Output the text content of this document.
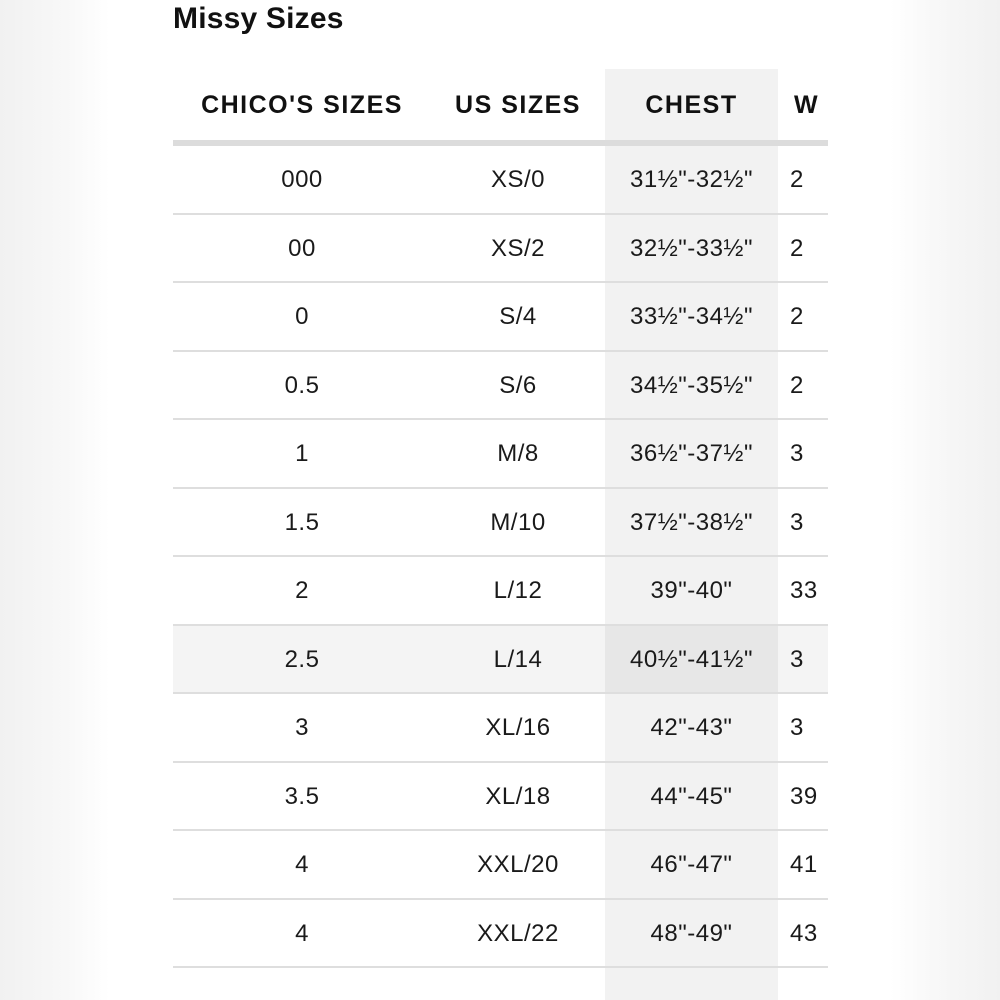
Missy Sizes
CHICO'S SIZES	US SIZES	CHEST	W
000	XS/0	31½"-32½"	2
00	XS/2	32½"-33½"	2
0	S/4	33½"-34½"	2
0.5	S/6	34½"-35½"	2
1	M/8	36½"-37½"	3
1.5	M/10	37½"-38½"	3
2	L/12	39"-40"	33
2.5	L/14	40½"-41½"	3
3	XL/16	42"-43"	3
3.5	XL/18	44"-45"	39
4	XXL/20	46"-47"	41
4	XXL/22	48"-49"	43
